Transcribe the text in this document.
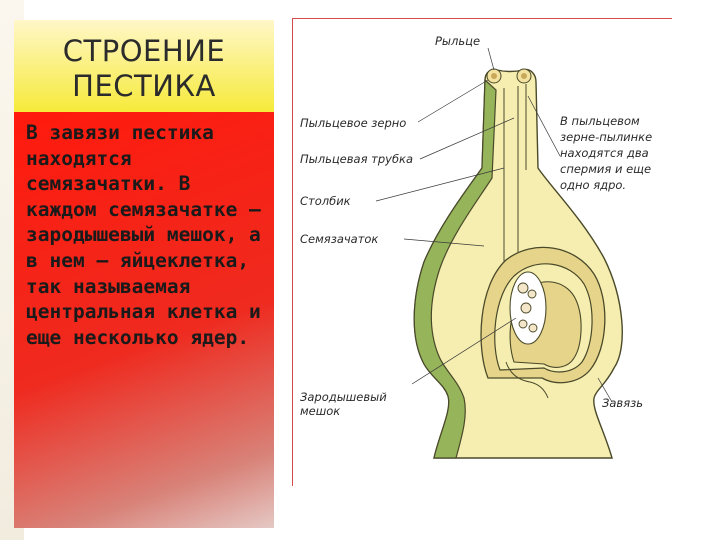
СТРОЕНИЕ
ПЕСТИКА

В завязи пестика находятся семязачатки. В каждом семязачатке — зародышевый мешок, а в нем — яйцеклетка, так называемая центральная клетка и еще несколько ядер.

Рыльце
Пыльцевое зерно
Пыльцевая трубка
Столбик
Семязачаток
Зародышевый
мешок
Завязь
В пыльцевом
зерне-пылинке
находятся два
спермия и еще
одно ядро.
